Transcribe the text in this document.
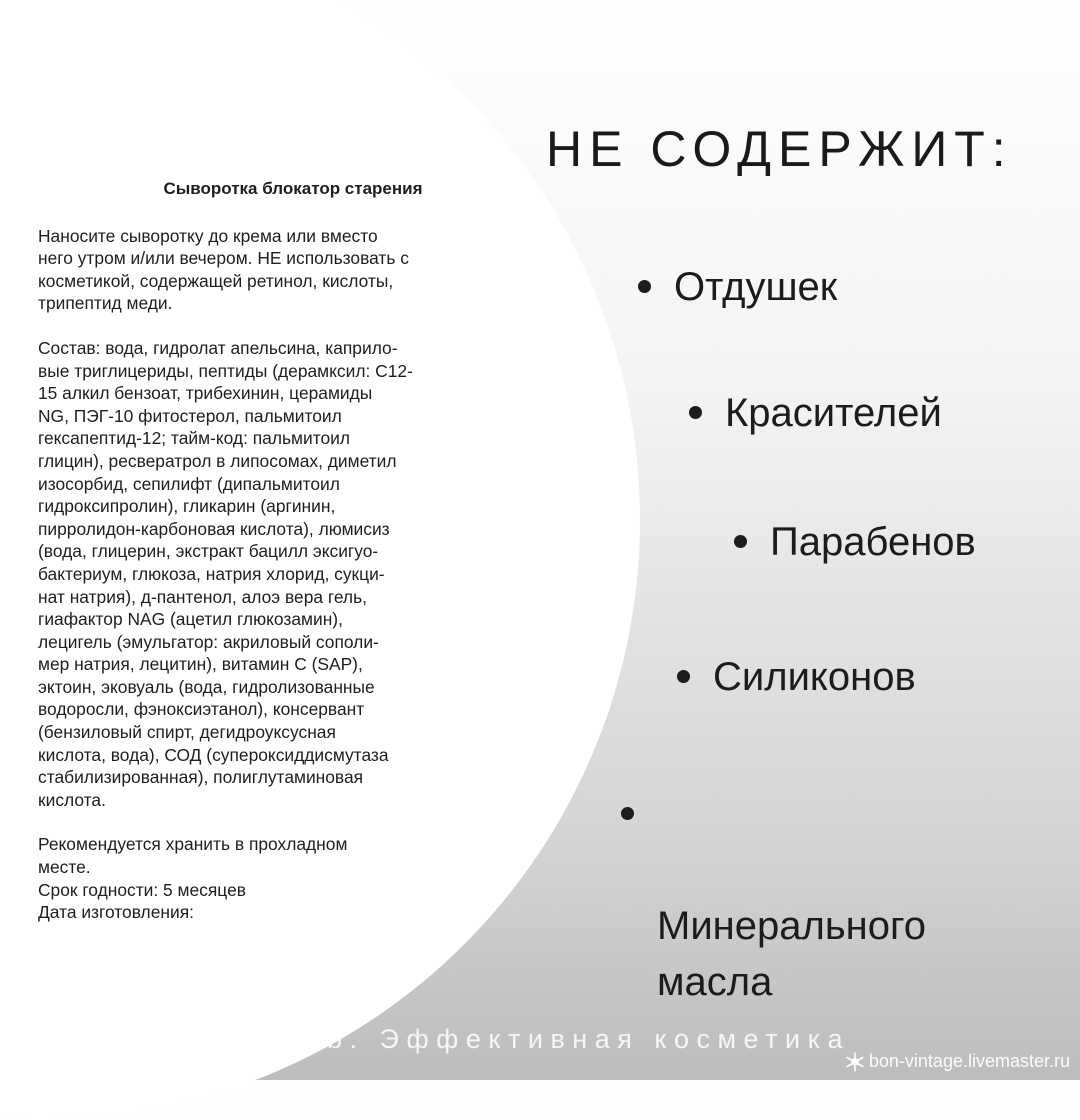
Сыворотка блокатор старения

Наносите сыворотку до крема или вместо
него утром и/или вечером. НЕ использовать с
косметикой, содержащей ретинол, кислоты,
трипептид меди.

Состав: вода, гидролат апельсина, каприло-
вые триглицериды, пептиды (дерамксил: С12-
15 алкил бензоат, трибехинин, церамиды
NG, ПЭГ-10 фитостерол, пальмитоил
гексапептид-12; тайм-код: пальмитоил
глицин), ресвератрол в липосомах, диметил
изосорбид, сепилифт (дипальмитоил
гидроксипролин), гликарин (аргинин,
пирролидон-карбоновая кислота), люмисиз
(вода, глицерин, экстракт бацилл эксигуо-
бактериум, глюкоза, натрия хлорид, сукци-
нат натрия), д-пантенол, алоэ вера гель,
гиафактор NAG (ацетил глюкозамин),
лецигель (эмульгатор: акриловый сополи-
мер натрия, лецитин), витамин С (SAP),
эктоин, эковуаль (вода, гидролизованные
водоросли, фэноксиэтанол), консервант
(бензиловый спирт, дегидроуксусная
кислота, вода), СОД (супероксиддисмутаза
стабилизированная), полиглутаминовая
кислота.

Рекомендуется хранить в прохладном
месте.

Срок годности: 5 месяцев

Дата изготовления:

НЕ СОДЕРЖИТ:
Отдушек
Красителей
Парабенов
Силиконов

Минерального
масла

v.Lab. Эффективная косметика
bon-vintage.livemaster.ru
